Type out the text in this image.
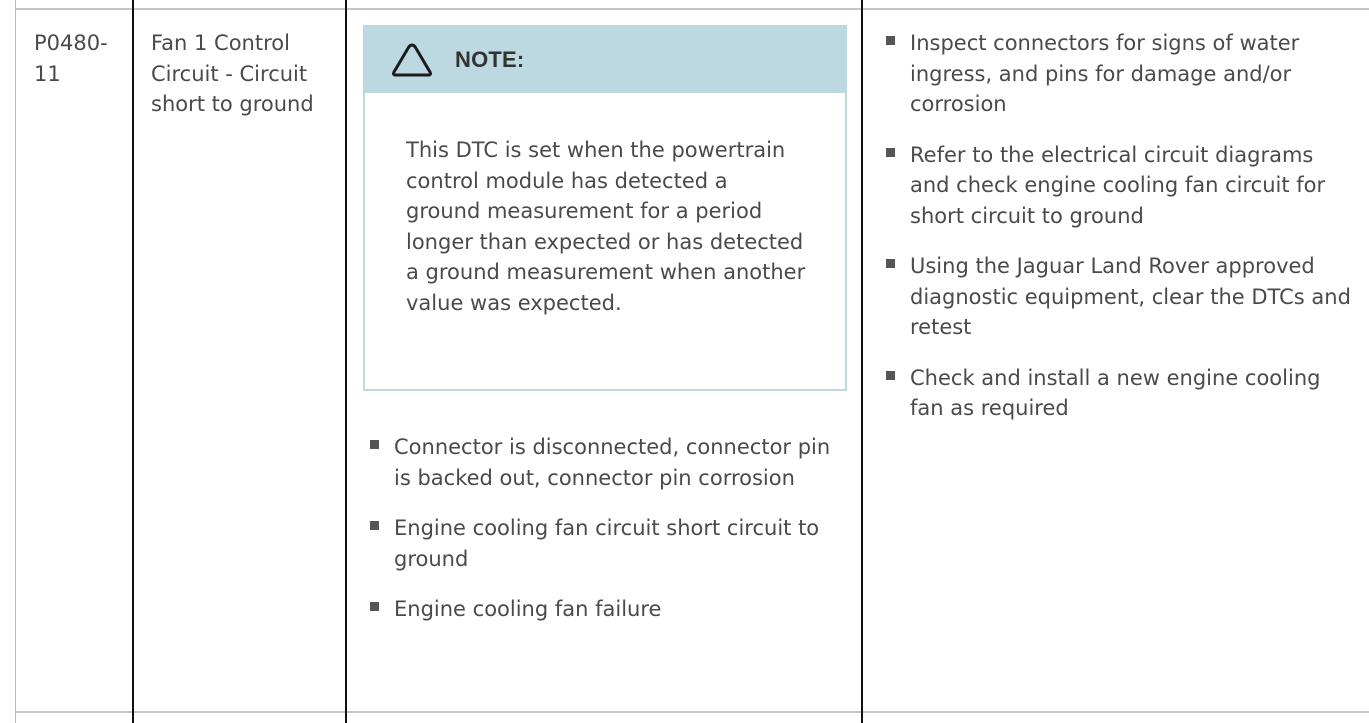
P0480-
11
Fan 1 Control Circuit - Circuit short to ground
NOTE:
This DTC is set when the powertrain control module has detected a ground measurement for a period longer than expected or has detected a ground measurement when another value was expected.
Connector is disconnected, connector pin is backed out, connector pin corrosion
Engine cooling fan circuit short circuit to ground
Engine cooling fan failure
Inspect connectors for signs of water ingress, and pins for damage and/or corrosion
Refer to the electrical circuit diagrams and check engine cooling fan circuit for short circuit to ground
Using the Jaguar Land Rover approved diagnostic equipment, clear the DTCs and retest
Check and install a new engine cooling fan as required
